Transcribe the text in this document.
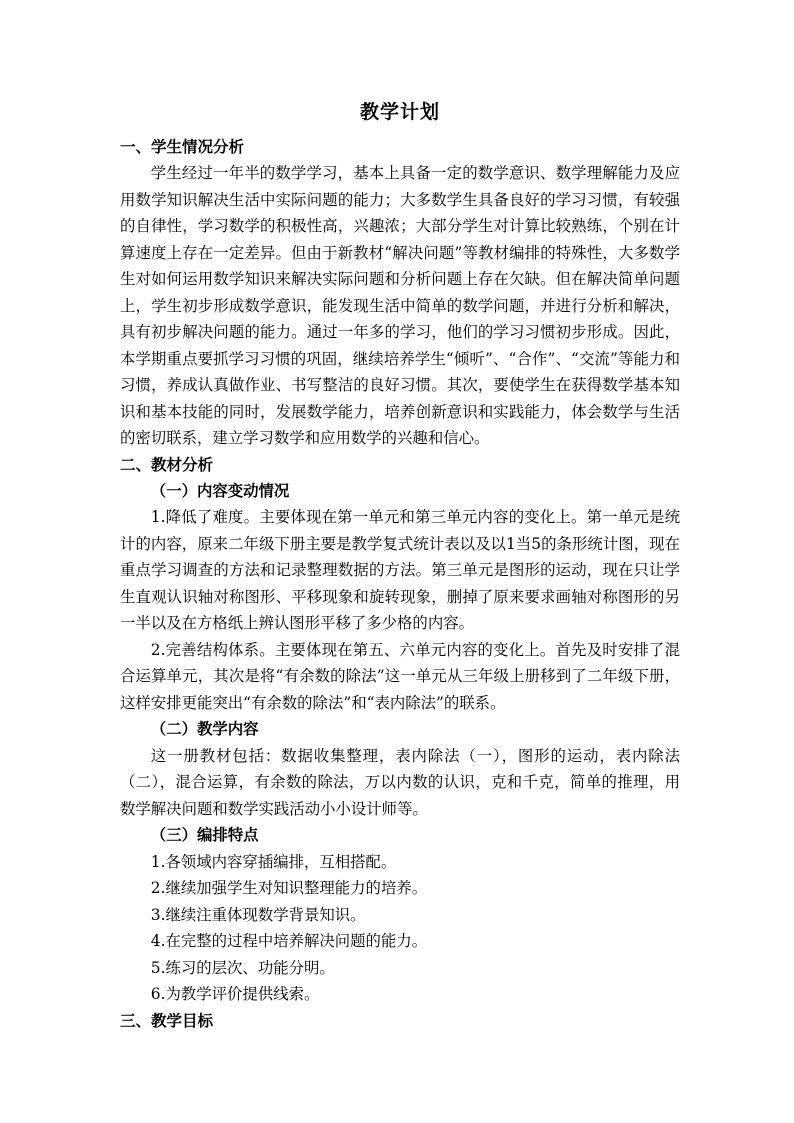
教学计划
一、学生情况分析

学生经过一年半的数学学习，基本上具备一定的数学意识、数学理解能力及应用数学知识解决生活中实际问题的能力；大多数学生具备良好的学习习惯，有较强的自律性，学习数学的积极性高，兴趣浓；大部分学生对计算比较熟练，个别在计算速度上存在一定差异。但由于新教材“解决问题”等教材编排的特殊性，大多数学生对如何运用数学知识来解决实际问题和分析问题上存在欠缺。但在解决简单问题上，学生初步形成数学意识，能发现生活中简单的数学问题，并进行分析和解决，具有初步解决问题的能力。通过一年多的学习，他们的学习习惯初步形成。因此，本学期重点要抓学习习惯的巩固，继续培养学生“倾听”、“合作”、“交流”等能力和习惯，养成认真做作业、书写整洁的良好习惯。其次，要使学生在获得数学基本知识和基本技能的同时，发展数学能力，培养创新意识和实践能力，体会数学与生活的密切联系，建立学习数学和应用数学的兴趣和信心。

二、教材分析
（一）内容变动情况

1.降低了难度。主要体现在第一单元和第三单元内容的变化上。第一单元是统计的内容，原来二年级下册主要是教学复式统计表以及以1当5的条形统计图，现在重点学习调查的方法和记录整理数据的方法。第三单元是图形的运动，现在只让学生直观认识轴对称图形、平移现象和旋转现象，删掉了原来要求画轴对称图形的另一半以及在方格纸上辨认图形平移了多少格的内容。

2.完善结构体系。主要体现在第五、六单元内容的变化上。首先及时安排了混合运算单元，其次是将“有余数的除法”这一单元从三年级上册移到了二年级下册，这样安排更能突出“有余数的除法”和“表内除法”的联系。

（二）教学内容

这一册教材包括：数据收集整理，表内除法（一），图形的运动，表内除法（二），混合运算，有余数的除法，万以内数的认识，克和千克，简单的推理，用数学解决问题和数学实践活动小小设计师等。

（三）编排特点

1.各领域内容穿插编排，互相搭配。

2.继续加强学生对知识整理能力的培养。

3.继续注重体现数学背景知识。

4.在完整的过程中培养解决问题的能力。

5.练习的层次、功能分明。

6.为教学评价提供线索。

三、教学目标
